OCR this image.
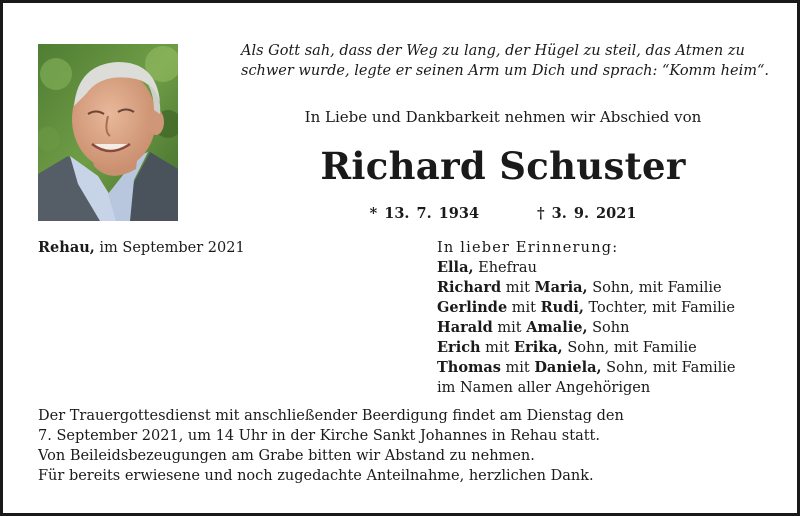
Als Gott sah, dass der Weg zu lang, der Hügel zu steil, das Atmen zu
schwer wurde, legte er seinen Arm um Dich und sprach: “Komm heim“.
In Liebe und Dankbarkeit nehmen wir Abschied von
Richard Schuster
* 13. 7. 1934	† 3. 9. 2021
Rehau, im September 2021	In lieber Erinnerung:
Ella, Ehefrau
Richard mit Maria, Sohn, mit Familie
Gerlinde mit Rudi, Tochter, mit Familie
Harald mit Amalie, Sohn
Erich mit Erika, Sohn, mit Familie
Thomas mit Daniela, Sohn, mit Familie
im Namen aller Angehörigen
Der Trauergottesdienst mit anschließender Beerdigung findet am Dienstag den
7. September 2021, um 14 Uhr in der Kirche Sankt Johannes in Rehau statt.
Von Beileidsbezeugungen am Grabe bitten wir Abstand zu nehmen.
Für bereits erwiesene und noch zugedachte Anteilnahme, herzlichen Dank.
